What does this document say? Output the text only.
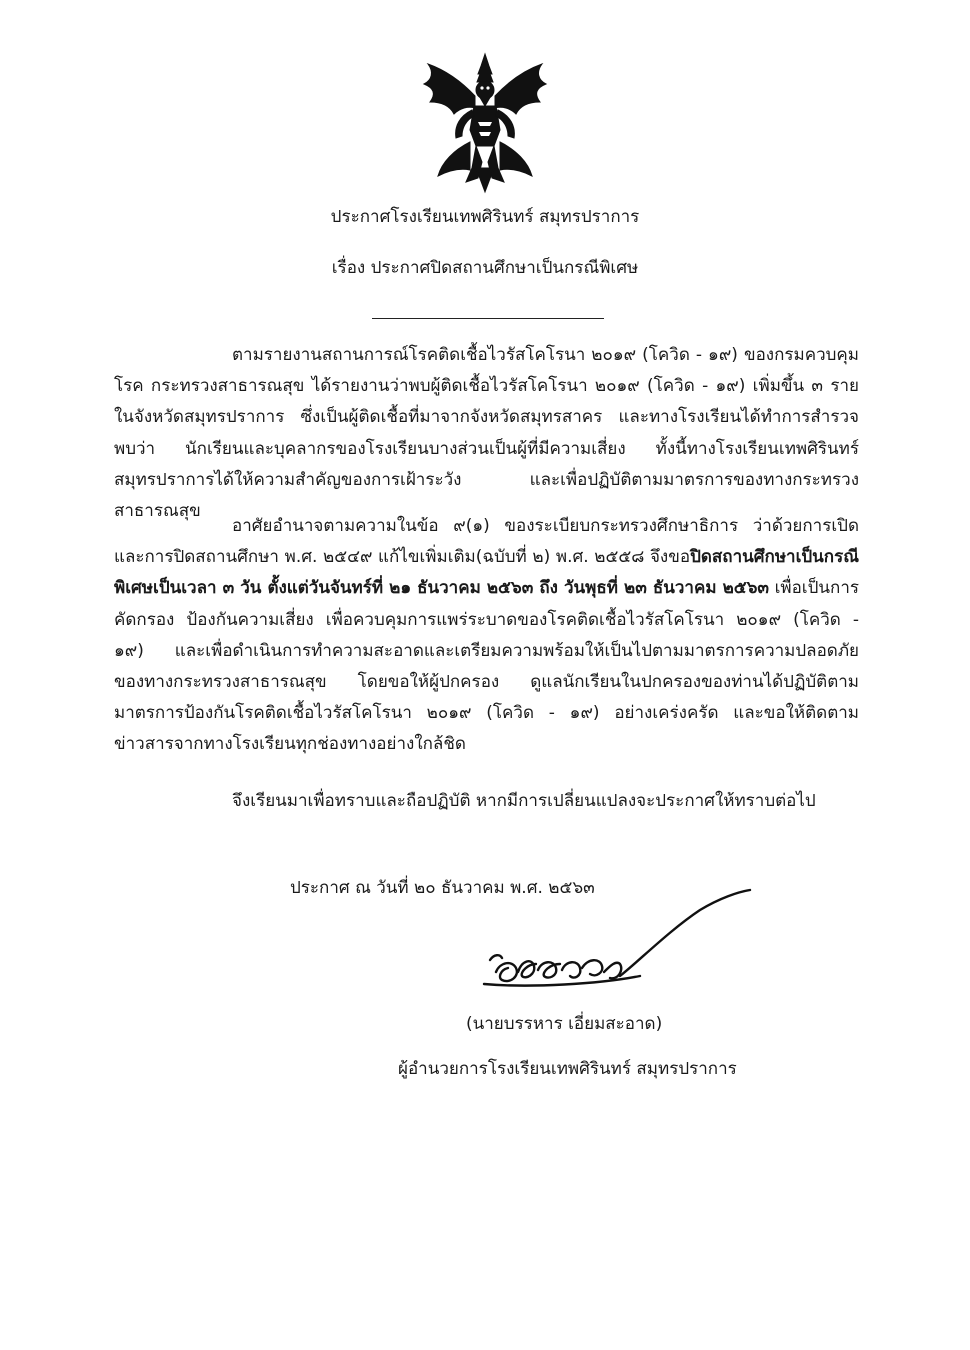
ประกาศโรงเรียนเทพศิรินทร์ สมุทรปราการ
เรื่อง ประกาศปิดสถานศึกษาเป็นกรณีพิเศษ

ตามรายงานสถานการณ์โรคติดเชื้อไวรัสโคโรนา ๒๐๑๙ (โควิด - ๑๙) ของกรมควบคุมโรค กระทรวงสาธารณสุข ได้รายงานว่าพบผู้ติดเชื้อไวรัสโคโรนา ๒๐๑๙ (โควิด - ๑๙) เพิ่มขึ้น ๓ รายในจังหวัดสมุทรปราการ ซึ่งเป็นผู้ติดเชื้อที่มาจากจังหวัดสมุทรสาคร และทางโรงเรียนได้ทำการสำรวจพบว่า นักเรียนและบุคลากรของโรงเรียนบางส่วนเป็นผู้ที่มีความเสี่ยง ทั้งนี้ทางโรงเรียนเทพศิรินทร์ สมุทรปราการได้ให้ความสำคัญของการเฝ้าระวัง และเพื่อปฏิบัติตามมาตรการของทางกระทรวงสาธารณสุข

อาศัยอำนาจตามความในข้อ ๙(๑) ของระเบียบกระทรวงศึกษาธิการ ว่าด้วยการเปิดและการปิดสถานศึกษา พ.ศ. ๒๕๔๙ แก้ไขเพิ่มเติม(ฉบับที่ ๒) พ.ศ. ๒๕๕๘ จึงขอปิดสถานศึกษาเป็นกรณีพิเศษเป็นเวลา ๓ วัน ตั้งแต่วันจันทร์ที่ ๒๑ ธันวาคม ๒๕๖๓ ถึง วันพุธที่ ๒๓ ธันวาคม ๒๕๖๓ เพื่อเป็นการคัดกรอง ป้องกันความเสี่ยง เพื่อควบคุมการแพร่ระบาดของโรคติดเชื้อไวรัสโคโรนา ๒๐๑๙ (โควิด - ๑๙) และเพื่อดำเนินการทำความสะอาดและเตรียมความพร้อมให้เป็นไปตามมาตรการความปลอดภัยของทางกระทรวงสาธารณสุข โดยขอให้ผู้ปกครอง ดูแลนักเรียนในปกครองของท่านได้ปฏิบัติตามมาตรการป้องกันโรคติดเชื้อไวรัสโคโรนา ๒๐๑๙ (โควิด - ๑๙) อย่างเคร่งครัด และขอให้ติดตามข่าวสารจากทางโรงเรียนทุกช่องทางอย่างใกล้ชิด

จึงเรียนมาเพื่อทราบและถือปฏิบัติ หากมีการเปลี่ยนแปลงจะประกาศให้ทราบต่อไป

ประกาศ ณ วันที่ ๒๐ ธันวาคม พ.ศ. ๒๕๖๓
(นายบรรหาร เอี่ยมสะอาด)
ผู้อำนวยการโรงเรียนเทพศิรินทร์ สมุทรปราการ
